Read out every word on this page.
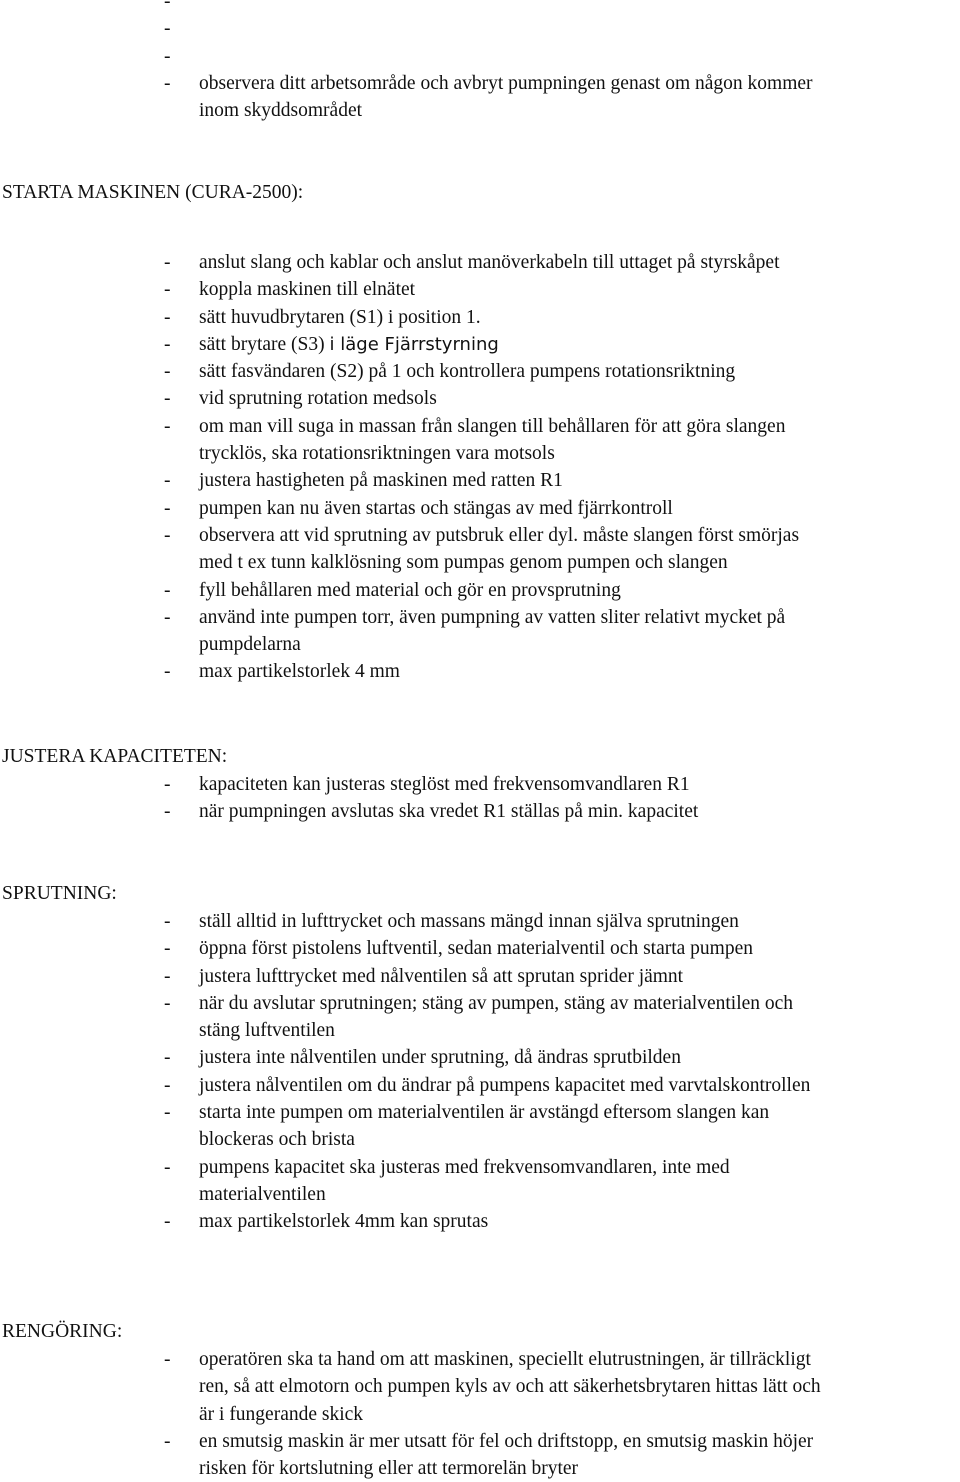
-

-

-

- observera ditt arbetsområde och avbryt pumpningen genast om någon kommer
inom skyddsområdet
STARTA MASKINEN (CURA-2500):
- anslut slang och kablar och anslut manöverkabeln till uttaget på styrskåpet
- koppla maskinen till elnätet
- sätt huvudbrytaren (S1) i position 1.
- sätt brytare (S3) i läge Fjärrstyrning
- sätt fasvändaren (S2) på 1 och kontrollera pumpens rotationsriktning
- vid sprutning rotation medsols
- om man vill suga in massan från slangen till behållaren för att göra slangen
trycklös, ska rotationsriktningen vara motsols
- justera hastigheten på maskinen med ratten R1
- pumpen kan nu även startas och stängas av med fjärrkontroll
- observera att vid sprutning av putsbruk eller dyl. måste slangen först smörjas
med t ex tunn kalklösning som pumpas genom pumpen och slangen
- fyll behållaren med material och gör en provsprutning
- använd inte pumpen torr, även pumpning av vatten sliter relativt mycket på
pumpdelarna
- max partikelstorlek 4 mm
JUSTERA KAPACITETEN:
- kapaciteten kan justeras steglöst med frekvensomvandlaren R1
- när pumpningen avslutas ska vredet R1 ställas på min. kapacitet
SPRUTNING:
- ställ alltid in lufttrycket och massans mängd innan själva sprutningen
- öppna först pistolens luftventil, sedan materialventil och starta pumpen
- justera lufttrycket med nålventilen så att sprutan sprider jämnt
- när du avslutar sprutningen; stäng av pumpen, stäng av materialventilen och
stäng luftventilen
- justera inte nålventilen under sprutning, då ändras sprutbilden
- justera nålventilen om du ändrar på pumpens kapacitet med varvtalskontrollen
- starta inte pumpen om materialventilen är avstängd eftersom slangen kan
blockeras och brista
- pumpens kapacitet ska justeras med frekvensomvandlaren, inte med
materialventilen
- max partikelstorlek 4mm kan sprutas
RENGÖRING:
- operatören ska ta hand om att maskinen, speciellt elutrustningen, är tillräckligt
ren, så att elmotorn och pumpen kyls av och att säkerhetsbrytaren hittas lätt och
är i fungerande skick
- en smutsig maskin är mer utsatt för fel och driftstopp, en smutsig maskin höjer
risken för kortslutning eller att termorelän bryter
